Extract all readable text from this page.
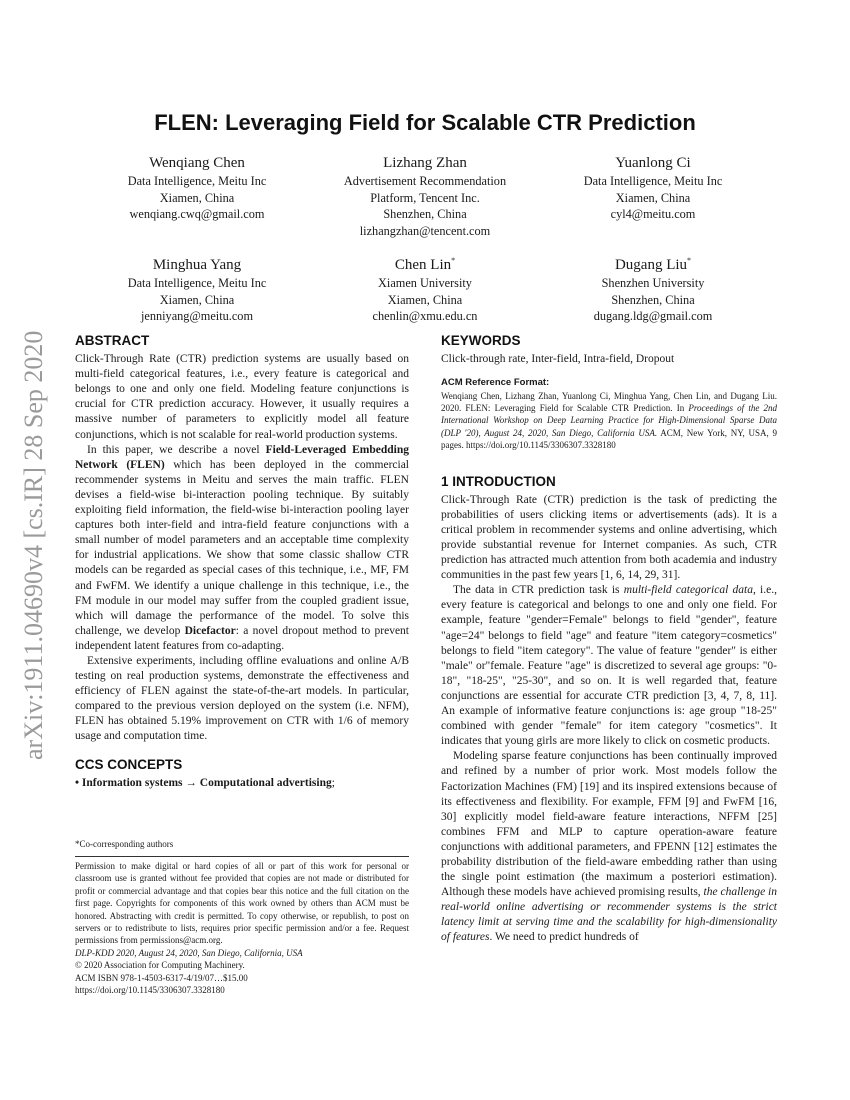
arXiv:1911.04690v4 [cs.IR] 28 Sep 2020
FLEN: Leveraging Field for Scalable CTR Prediction
Wenqiang Chen
Data Intelligence, Meitu Inc
Xiamen, China
wenqiang.cwq@gmail.com
Lizhang Zhan
Advertisement Recommendation
Platform, Tencent Inc.
Shenzhen, China
lizhangzhan@tencent.com
Yuanlong Ci
Data Intelligence, Meitu Inc
Xiamen, China
cyl4@meitu.com
Minghua Yang
Data Intelligence, Meitu Inc
Xiamen, China
jenniyang@meitu.com
Chen Lin*
Xiamen University
Xiamen, China
chenlin@xmu.edu.cn
Dugang Liu*
Shenzhen University
Shenzhen, China
dugang.ldg@gmail.com
ABSTRACT

Click-Through Rate (CTR) prediction systems are usually based on multi-field categorical features, i.e., every feature is categorical and belongs to one and only one field. Modeling feature conjunctions is crucial for CTR prediction accuracy. However, it usually requires a massive number of parameters to explicitly model all feature conjunctions, which is not scalable for real-world production systems.

In this paper, we describe a novel Field-Leveraged Embedding Network (FLEN) which has been deployed in the commercial recommender systems in Meitu and serves the main traffic. FLEN devises a field-wise bi-interaction pooling technique. By suitably exploiting field information, the field-wise bi-interaction pooling layer captures both inter-field and intra-field feature conjunctions with a small number of model parameters and an acceptable time complexity for industrial applications. We show that some classic shallow CTR models can be regarded as special cases of this technique, i.e., MF, FM and FwFM. We identify a unique challenge in this technique, i.e., the FM module in our model may suffer from the coupled gradient issue, which will damage the performance of the model. To solve this challenge, we develop Dicefactor: a novel dropout method to prevent independent latent features from co-adapting.

Extensive experiments, including offline evaluations and online A/B testing on real production systems, demonstrate the effectiveness and efficiency of FLEN against the state-of-the-art models. In particular, compared to the previous version deployed on the system (i.e. NFM), FLEN has obtained 5.19% improvement on CTR with 1/6 of memory usage and computation time.

CCS CONCEPTS

• Information systems → Computational advertising;

*Co-corresponding authors
Permission to make digital or hard copies of all or part of this work for personal or classroom use is granted without fee provided that copies are not made or distributed for profit or commercial advantage and that copies bear this notice and the full citation on the first page. Copyrights for components of this work owned by others than ACM must be honored. Abstracting with credit is permitted. To copy otherwise, or republish, to post on servers or to redistribute to lists, requires prior specific permission and/or a fee. Request permissions from permissions@acm.org.
DLP-KDD 2020, August 24, 2020, San Diego, California, USA
© 2020 Association for Computing Machinery.
ACM ISBN 978-1-4503-6317-4/19/07…$15.00
https://doi.org/10.1145/3306307.3328180
KEYWORDS

Click-through rate, Inter-field, Intra-field, Dropout

ACM Reference Format:
Wenqiang Chen, Lizhang Zhan, Yuanlong Ci, Minghua Yang, Chen Lin, and Dugang Liu. 2020. FLEN: Leveraging Field for Scalable CTR Prediction. In Proceedings of the 2nd International Workshop on Deep Learning Practice for High-Dimensional Sparse Data (DLP '20), August 24, 2020, San Diego, California USA. ACM, New York, NY, USA, 9 pages. https://doi.org/10.1145/3306307.3328180
1 INTRODUCTION

Click-Through Rate (CTR) prediction is the task of predicting the probabilities of users clicking items or advertisements (ads). It is a critical problem in recommender systems and online advertising, which provide substantial revenue for Internet companies. As such, CTR prediction has attracted much attention from both academia and industry communities in the past few years [1, 6, 14, 29, 31].

The data in CTR prediction task is multi-field categorical data, i.e., every feature is categorical and belongs to one and only one field. For example, feature "gender=Female" belongs to field "gender", feature "age=24" belongs to field "age" and feature "item category=cosmetics" belongs to field "item category". The value of feature "gender" is either "male" or"female. Feature "age" is discretized to several age groups: "0-18", "18-25", "25-30", and so on. It is well regarded that, feature conjunctions are essential for accurate CTR prediction [3, 4, 7, 8, 11]. An example of informative feature conjunctions is: age group "18-25" combined with gender "female" for item category "cosmetics". It indicates that young girls are more likely to click on cosmetic products.

Modeling sparse feature conjunctions has been continually improved and refined by a number of prior work. Most models follow the Factorization Machines (FM) [19] and its inspired extensions because of its effectiveness and flexibility. For example, FFM [9] and FwFM [16, 30] explicitly model field-aware feature interactions, NFFM [25] combines FFM and MLP to capture operation-aware feature conjunctions with additional parameters, and FPENN [12] estimates the probability distribution of the field-aware embedding rather than using the single point estimation (the maximum a posteriori estimation). Although these models have achieved promising results, the challenge in real-world online advertising or recommender systems is the strict latency limit at serving time and the scalability for high-dimensionality of features. We need to predict hundreds of
